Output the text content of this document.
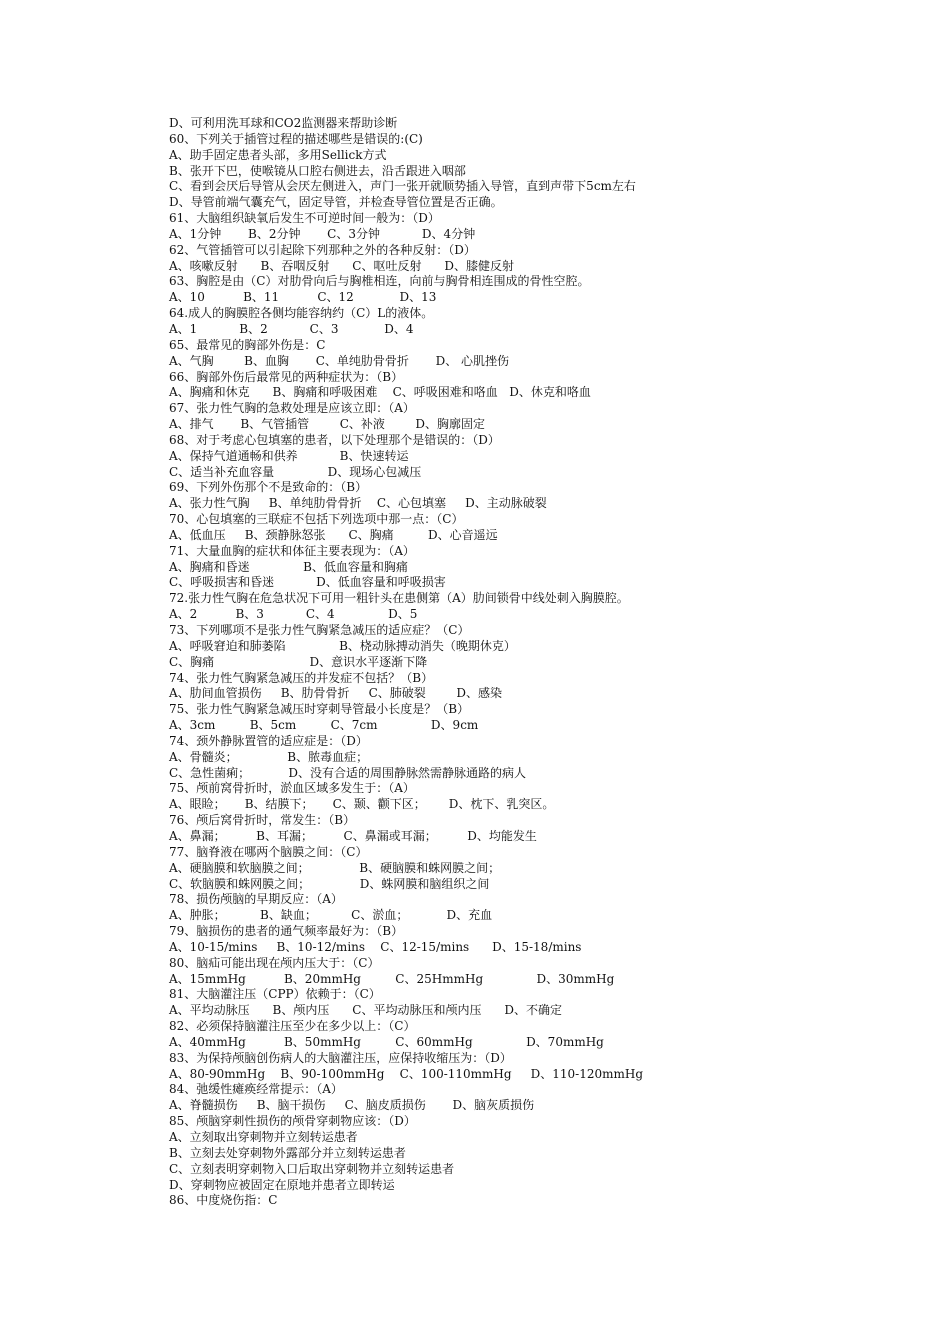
D、可利用洗耳球和CO2监测器来帮助诊断
60、下列关于插管过程的描述哪些是错误的:(C)
A、助手固定患者头部，多用Sellick方式
B、张开下巴，使喉镜从口腔右侧进去，沿舌跟进入咽部
C、看到会厌后导管从会厌左侧进入，声门一张开就顺势插入导管，直到声带下5cm左右
D、导管前端气囊充气，固定导管，并检查导管位置是否正确。
61、大脑组织缺氧后发生不可逆时间一般为：（D）
A、1分钟       B、2分钟       C、3分钟           D、4分钟
62、气管插管可以引起除下列那种之外的各种反射：（D）
A、咳嗽反射      B、吞咽反射      C、呕吐反射      D、膝健反射
63、胸腔是由（C）对肋骨向后与胸椎相连，向前与胸骨相连围成的骨性空腔。
A、10          B、11          C、12            D、13
64.成人的胸膜腔各侧均能容纳约（C）L的液体。
A、1           B、2           C、3            D、4
65、最常见的胸部外伤是：C
A、气胸        B、血胸       C、单纯肋骨骨折       D、 心肌挫伤
66、胸部外伤后最常见的两种症状为：（B）
A、胸痛和休克      B、胸痛和呼吸困难    C、呼吸困难和咯血   D、休克和咯血
67、张力性气胸的急救处理是应该立即：（A）
A、排气       B、气管插管        C、补液        D、胸廓固定
68、对于考虑心包填塞的患者，以下处理那个是错误的：（D）
A、保持气道通畅和供养           B、快速转运
C、适当补充血容量              D、现场心包减压
69、下列外伤那个不是致命的：（B）
A、张力性气胸     B、单纯肋骨骨折    C、心包填塞     D、主动脉破裂
70、心包填塞的三联症不包括下列选项中那一点：（C）
A、低血压     B、颈静脉怒张      C、胸痛         D、心音遥远
71、大量血胸的症状和体征主要表现为：（A）
A、胸痛和昏迷              B、低血容量和胸痛
C、呼吸损害和昏迷           D、低血容量和呼吸损害
72.张力性气胸在危急状况下可用一粗针头在患侧第（A）肋间锁骨中线处刺入胸膜腔。
A、2          B、3           C、4              D、5
73、下列哪项不是张力性气胸紧急减压的适应症？（C）
A、呼吸窘迫和肺萎陷              B、桡动脉搏动消失（晚期休克）
C、胸痛                         D、意识水平逐渐下降
74、张力性气胸紧急减压的并发症不包括？（B）
A、肋间血管损伤     B、肋骨骨折     C、肺破裂        D、感染
75、张力性气胸紧急减压时穿刺导管最小长度是？（B）
A、3cm         B、5cm         C、7cm              D、9cm
74、颈外静脉置管的适应症是：（D）
A、骨髓炎；             B、脓毒血症；
C、急性菌痢；          D、没有合适的周围静脉然需静脉通路的病人
75、颅前窝骨折时，淤血区域多发生于：（A）
A、眼睑；     B、结膜下；     C、颞、颧下区；      D、枕下、乳突区。
76、颅后窝骨折时，常发生：（B）
A、鼻漏；        B、耳漏；        C、鼻漏或耳漏；        D、均能发生
77、脑脊液在哪两个脑膜之间：（C）
A、硬脑膜和软脑膜之间；             B、硬脑膜和蛛网膜之间；
C、软脑膜和蛛网膜之间；             D、蛛网膜和脑组织之间
78、损伤颅脑的早期反应：（A）
A、肿胀；         B、缺血；         C、淤血；          D、充血
79、脑损伤的患者的通气频率最好为：（B）
A、10-15/mins     B、10-12/mins    C、12-15/mins      D、15-18/mins
80、脑疝可能出现在颅内压大于：（C）
A、15mmHg          B、20mmHg         C、25HmmHg              D、30mmHg
81、大脑灌注压（CPP）依赖于：（C）
A、平均动脉压      B、颅内压      C、平均动脉压和颅内压      D、不确定
82、必须保持脑灌注压至少在多少以上：（C）
A、40mmHg          B、50mmHg         C、60mmHg              D、70mmHg
83、为保持颅脑创伤病人的大脑灌注压，应保持收缩压为：（D）
A、80-90mmHg    B、90-100mmHg    C、100-110mmHg     D、110-120mmHg
84、弛缓性瘫痪经常提示：（A）
A、脊髓损伤     B、脑干损伤     C、脑皮质损伤       D、脑灰质损伤
85、颅脑穿刺性损伤的颅骨穿刺物应该：（D）
A、立刻取出穿刺物并立刻转运患者
B、立刻去处穿刺物外露部分并立刻转运患者
C、立刻表明穿刺物入口后取出穿刺物并立刻转运患者
D、穿刺物应被固定在原地并患者立即转运
86、中度烧伤指：C
